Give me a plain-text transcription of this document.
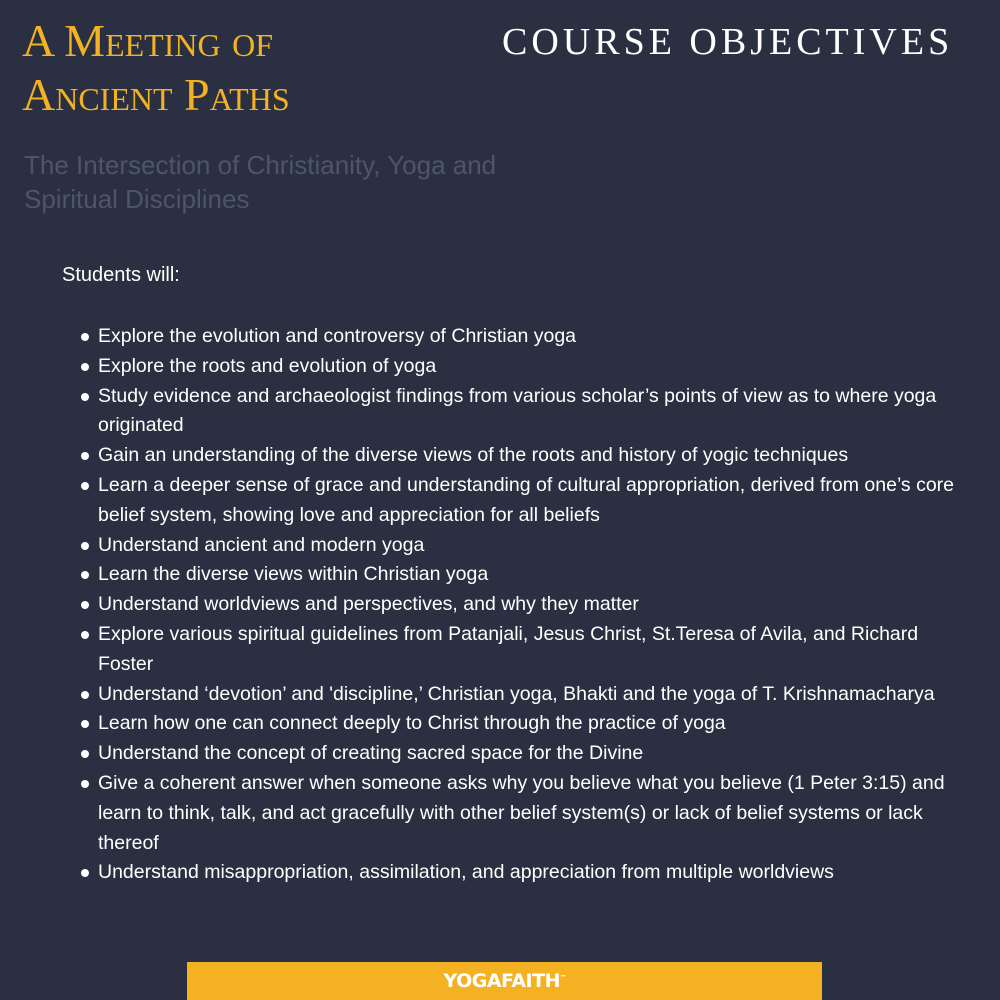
A Meeting of
Ancient Paths
COURSE OBJECTIVES

The Intersection of Christianity, Yoga and Spiritual Disciplines

Students will:

Explore the evolution and controversy of Christian yoga
Explore the roots and evolution of yoga
Study evidence and archaeologist findings from various scholar’s points of view as to where yoga originated
Gain an understanding of the diverse views of the roots and history of yogic techniques
Learn a deeper sense of grace and understanding of cultural appropriation, derived from one’s core belief system, showing love and appreciation for all beliefs
Understand ancient and modern yoga
Learn the diverse views within Christian yoga
Understand worldviews and perspectives, and why they matter
Explore various spiritual guidelines from Patanjali, Jesus Christ, St.Teresa of Avila, and Richard Foster
Understand ‘devotion’ and 'discipline,’ Christian yoga, Bhakti and the yoga of T. Krishnamacharya
Learn how one can connect deeply to Christ through the practice of yoga
Understand the concept of creating sacred space for the Divine
Give a coherent answer when someone asks why you believe what you believe (1 Peter 3:15) and learn to think, talk, and act gracefully with other belief system(s) or lack of belief systems or lack thereof
Understand misappropriation, assimilation, and appreciation from multiple worldviews
YOGAFAITH™
